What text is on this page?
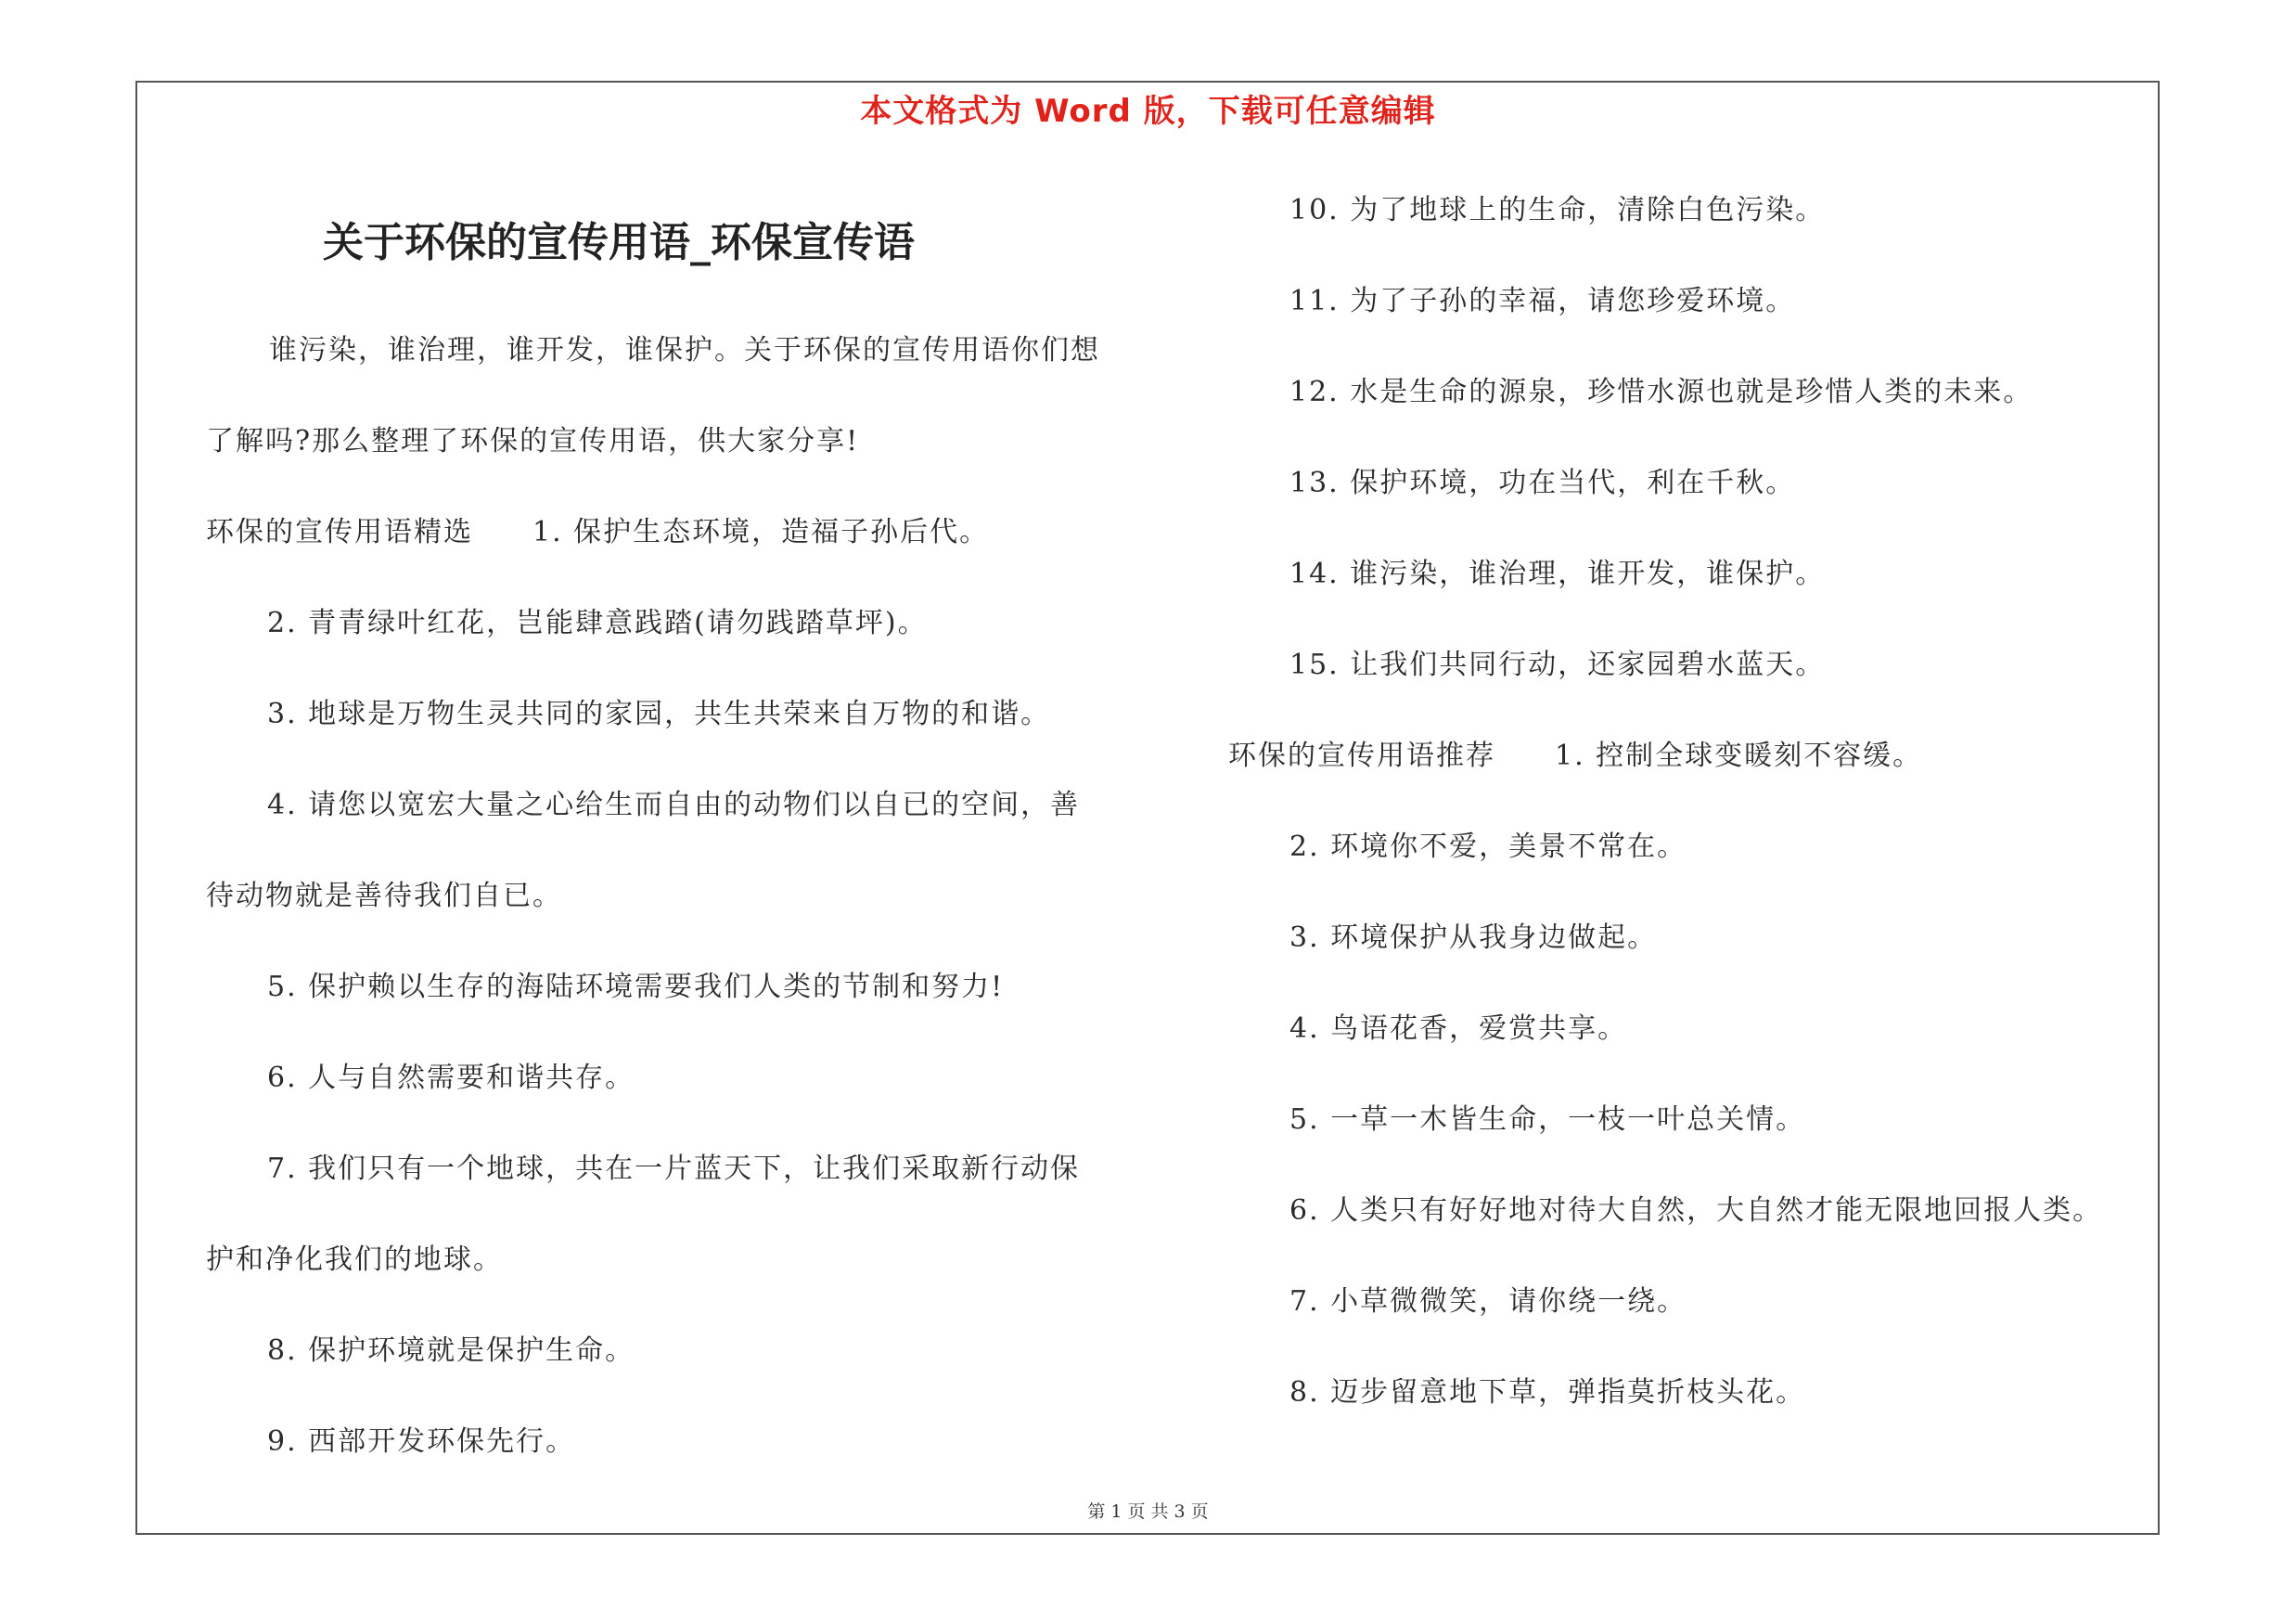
本文格式为 Word 版，下载可任意编辑
关于环保的宣传用语_环保宣传语
谁污染，谁治理，谁开发，谁保护。关于环保的宣传用语你们想
了解吗?那么整理了环保的宣传用语，供大家分享!
环保的宣传用语精选　　1. 保护生态环境，造福子孙后代。
2. 青青绿叶红花，岂能肆意践踏(请勿践踏草坪)。
3. 地球是万物生灵共同的家园，共生共荣来自万物的和谐。
4. 请您以宽宏大量之心给生而自由的动物们以自已的空间，善
待动物就是善待我们自已。
5. 保护赖以生存的海陆环境需要我们人类的节制和努力!
6. 人与自然需要和谐共存。
7. 我们只有一个地球，共在一片蓝天下，让我们采取新行动保
护和净化我们的地球。
8. 保护环境就是保护生命。
9. 西部开发环保先行。
10. 为了地球上的生命，清除白色污染。
11. 为了子孙的幸福，请您珍爱环境。
12. 水是生命的源泉，珍惜水源也就是珍惜人类的未来。
13. 保护环境，功在当代，利在千秋。
14. 谁污染，谁治理，谁开发，谁保护。
15. 让我们共同行动，还家园碧水蓝天。
环保的宣传用语推荐　　1. 控制全球变暖刻不容缓。
2. 环境你不爱，美景不常在。
3. 环境保护从我身边做起。
4. 鸟语花香，爱赏共享。
5. 一草一木皆生命，一枝一叶总关情。
6. 人类只有好好地对待大自然，大自然才能无限地回报人类。
7. 小草微微笑，请你绕一绕。
8. 迈步留意地下草，弹指莫折枝头花。
第 1 页 共 3 页
